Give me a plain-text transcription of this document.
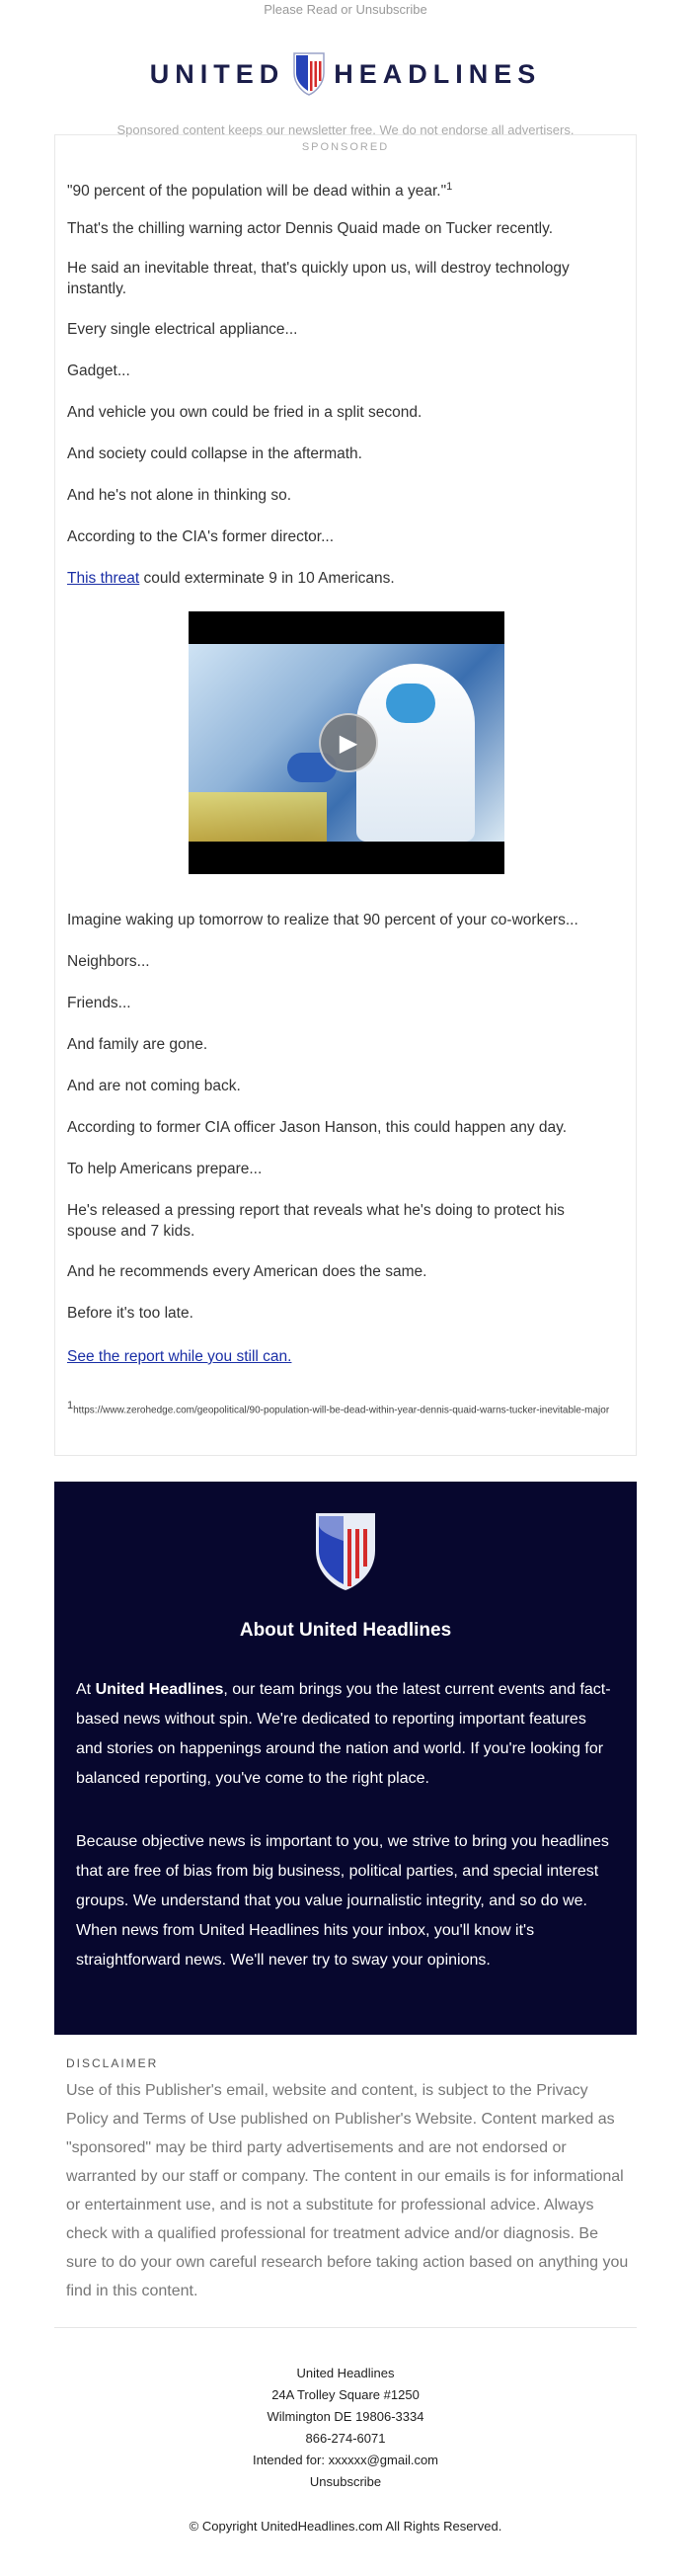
Please Read or Unsubscribe
UNITED HEADLINES
Sponsored content keeps our newsletter free. We do not endorse all advertisers.
SPONSORED

"90 percent of the population will be dead within a year."$^1$

That's the chilling warning actor Dennis Quaid made on Tucker recently.

He said an inevitable threat, that's quickly upon us, will destroy technology instantly.

Every single electrical appliance...

Gadget...

And vehicle you own could be fried in a split second.

And society could collapse in the aftermath.

And he's not alone in thinking so.

According to the CIA's former director...

This threat could exterminate 9 in 10 Americans.

▶

Imagine waking up tomorrow to realize that 90 percent of your co-workers...

Neighbors...

Friends...

And family are gone.

And are not coming back.

According to former CIA officer Jason Hanson, this could happen any day.

To help Americans prepare...

He's released a pressing report that reveals what he's doing to protect his spouse and 7 kids.

And he recommends every American does the same.

Before it's too late.

See the report while you still can.

$^1$https://www.zerohedge.com/geopolitical/90-population-will-be-dead-within-year-dennis-quaid-warns-tucker-inevitable-major
About United Headlines

At United Headlines, our team brings you the latest current events and fact-based news without spin. We're dedicated to reporting important features and stories on happenings around the nation and world. If you're looking for balanced reporting, you've come to the right place.

Because objective news is important to you, we strive to bring you headlines that are free of bias from big business, political parties, and special interest groups. We understand that you value journalistic integrity, and so do we. When news from United Headlines hits your inbox, you'll know it's straightforward news. We'll never try to sway your opinions.

DISCLAIMER

Use of this Publisher's email, website and content, is subject to the Privacy Policy and Terms of Use published on Publisher's Website. Content marked as "sponsored" may be third party advertisements and are not endorsed or warranted by our staff or company. The content in our emails is for informational or entertainment use, and is not a substitute for professional advice. Always check with a qualified professional for treatment advice and/or diagnosis. Be sure to do your own careful research before taking action based on anything you find in this content.

United Headlines
24A Trolley Square #1250
Wilmington DE 19806-3334
866-274-6071
Intended for: xxxxxx@gmail.com
Unsubscribe
© Copyright UnitedHeadlines.com All Rights Reserved.
